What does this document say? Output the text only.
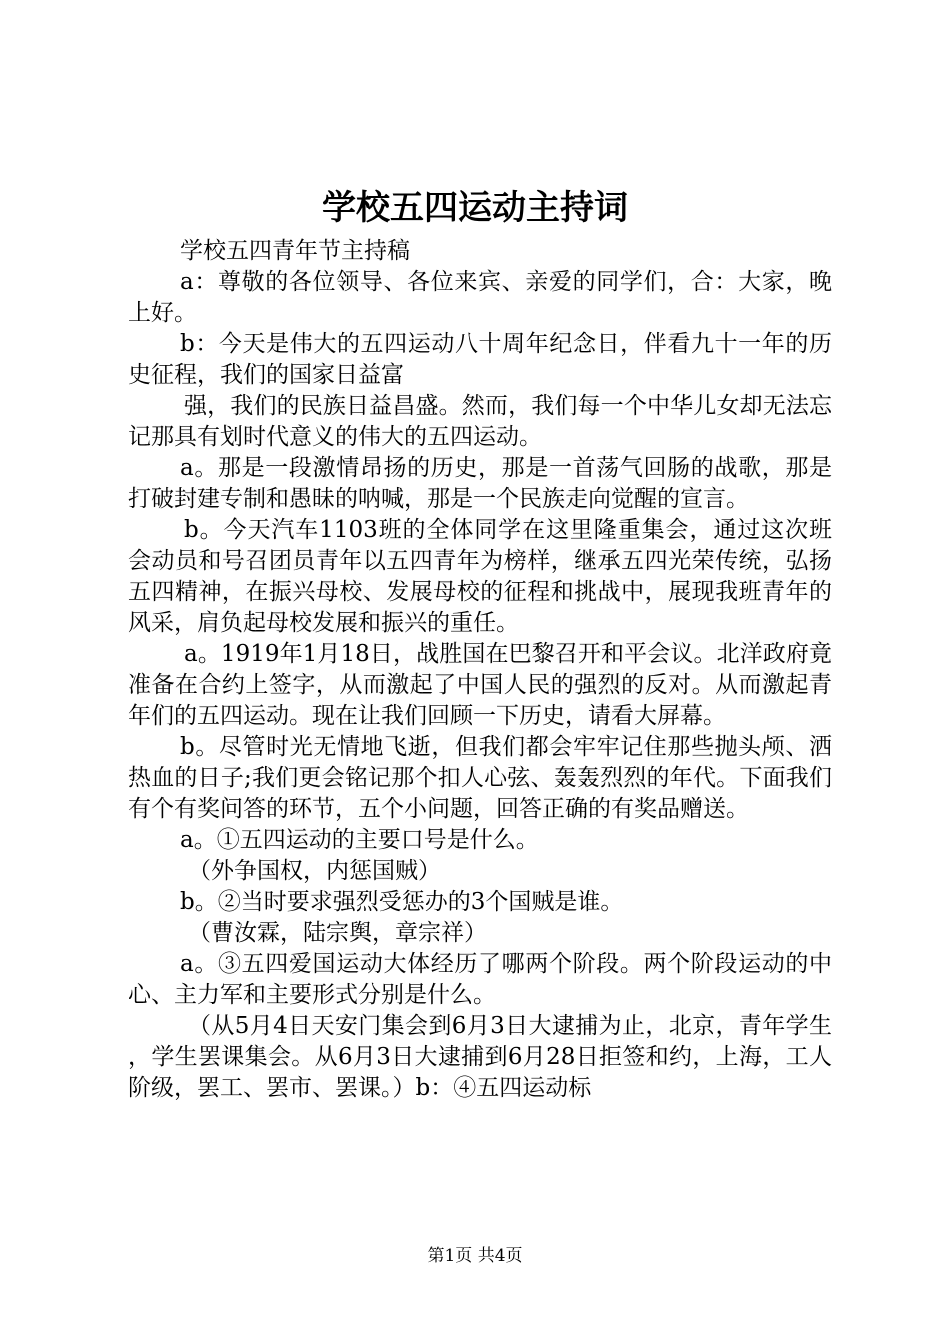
学校五四运动主持词

学校五四青年节主持稿

a：尊敬的各位领导、各位来宾、亲爱的同学们，合：大家，晚上好。

b：今天是伟大的五四运动八十周年纪念日，伴看九十一年的历史征程，我们的国家日益富

强，我们的民族日益昌盛。然而，我们每一个中华儿女却无法忘记那具有划时代意义的伟大的五四运动。

a。那是一段激情昂扬的历史，那是一首荡气回肠的战歌，那是打破封建专制和愚昧的呐喊，那是一个民族走向觉醒的宣言。

b。今天汽车1103班的全体同学在这里隆重集会，通过这次班会动员和号召团员青年以五四青年为榜样，继承五四光荣传统，弘扬五四精神，在振兴母校、发展母校的征程和挑战中，展现我班青年的风采，肩负起母校发展和振兴的重任。

a。1919年1月18日，战胜国在巴黎召开和平会议。北洋政府竟准备在合约上签字，从而激起了中国人民的强烈的反对。从而激起青年们的五四运动。现在让我们回顾一下历史，请看大屏幕。

b。尽管时光无情地飞逝，但我们都会牢牢记住那些抛头颅、洒热血的日子;我们更会铭记那个扣人心弦、轰轰烈烈的年代。下面我们有个有奖问答的环节，五个小问题，回答正确的有奖品赠送。

a。①五四运动的主要口号是什么。

（外争国权，内惩国贼）

b。②当时要求强烈受惩办的3个国贼是谁。

（曹汝霖，陆宗舆，章宗祥）

a。③五四爱国运动大体经历了哪两个阶段。两个阶段运动的中心、主力军和主要形式分别是什么。

（从5月4日天安门集会到6月3日大逮捕为止，北京，青年学生，学生罢课集会。从6月3日大逮捕到6月28日拒签和约，上海，工人阶级，罢工、罢市、罢课。）b：④五四运动标

第1页 共4页
